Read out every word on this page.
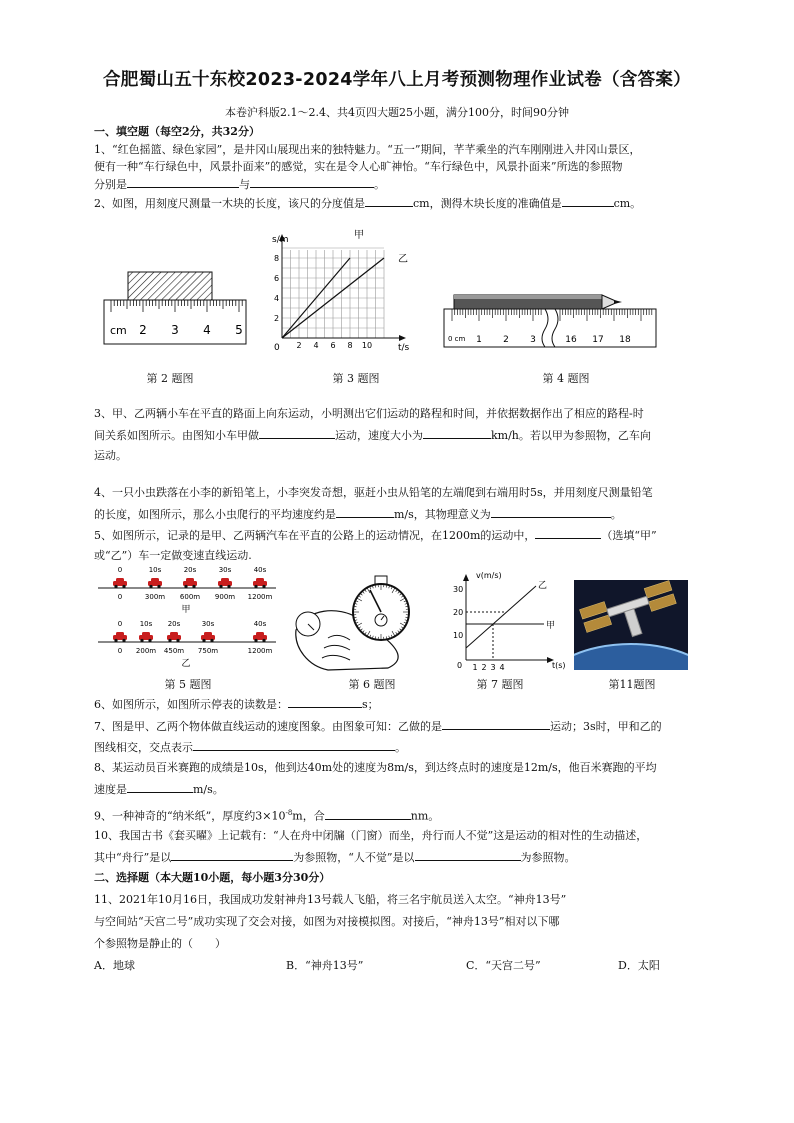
合肥蜀山五十东校2023-2024学年八上月考预测物理作业试卷（含答案）
本卷沪科版2.1～2.4、共4页四大题25小题，满分100分，时间90分钟
一、填空题（每空2分，共32分）
1、“红色摇篮、绿色家园”，是井冈山展现出来的独特魅力。“五一”期间，芊芊乘坐的汽车刚刚进入井冈山景区，
便有一种“车行绿色中，风景扑面来”的感觉，实在是令人心旷神怡。“车行绿色中，风景扑面来”所选的参照物
分别是	与	。
2、如图，用刻度尺测量一木块的长度，该尺的分度值是	cm，测得木块长度的准确值是	cm。
cm 2 3 4 5
第 2 题图
s/m
t/s
甲
乙
0
2
4
6
8
2 4 6 8 10
第 3 题图
0 cm 1 2 3	16 17 18
第 4 题图
3、甲、乙两辆小车在平直的路面上向东运动，小明测出它们运动的路程和时间，并依据数据作出了相应的路程-时
间关系如图所示。由图知小车甲做	运动，速度大小为	km/h。若以甲为参照物，乙车向
运动。
4、一只小虫跌落在小李的新铅笔上，小李突发奇想，驱赶小虫从铅笔的左端爬到右端用时5s，并用刻度尺测量铅笔
的长度，如图所示，那么小虫爬行的平均速度约是	m/s，其物理意义为	。
5、如图所示，记录的是甲、乙两辆汽车在平直的公路上的运动情况，在1200m的运动中，	（选填“甲”
或“乙”）车一定做变速直线运动.
0	10s	20s	30s	40s
0	300m 600m 900m 1200m
甲
0 10s 20s	30s	40s
0 200m 450m 750m	1200m
乙
第 5 题图	第 6 题图
v(m/s)
t(s)
乙
甲
0
10
20
30
1 2 3 4
第 7 题图	第11题图
6、如图所示，如图所示停表的读数是：	s；
7、图是甲、乙两个物体做直线运动的速度图象。由图象可知：乙做的是	运动；3s时，甲和乙的
图线相交，交点表示	。
8、某运动员百米赛跑的成绩是10s，他到达40m处的速度为8m/s，到达终点时的速度是12m/s，他百米赛跑的平均
速度是	m/s。
9、一种神奇的“纳米纸”，厚度约$3\times 10^{-8}m$，合	nm。
10、我国古书《套买曜》上记载有：“人在舟中闭牖（门窗）而坐，舟行而人不觉”这是运动的相对性的生动描述，
其中“舟行”是以	为参照物，“人不觉”是以	为参照物。
二、选择题（本大题10小题，每小题3分30分）
11、2021年10月16日，我国成功发射神舟13号载人飞船，将三名宇航员送入太空。“神舟13号”
与空间站“天宫二号”成功实现了交会对接，如图为对接模拟图。对接后，“神舟13号”相对以下哪
个参照物是静止的（　　）
A．地球	B．“神舟13号”	C．“天宫二号”	D．太阳
